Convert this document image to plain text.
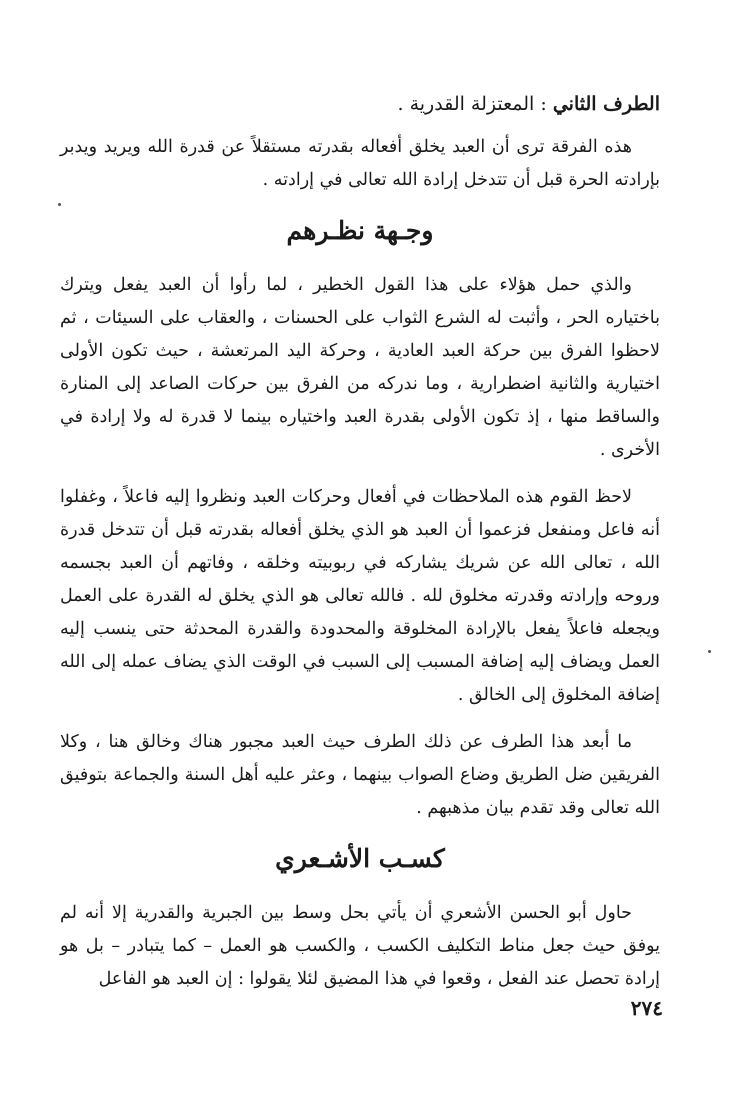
الطرف الثاني : المعتزلة القدرية .

هذه الفرقة ترى أن العبد يخلق أفعاله بقدرته مستقلاً عن قدرة الله ويريد ويدبر بإرادته الحرة قبل أن تتدخل إرادة الله تعالى في إرادته .

وجـهة نظـرهم

والذي حمل هؤلاء على هذا القول الخطير ، لما رأوا أن العبد يفعل ويترك باختياره الحر ، وأثبت له الشرع الثواب على الحسنات ، والعقاب على السيئات ، ثم لاحظوا الفرق بين حركة العبد العادية ، وحركة اليد المرتعشة ، حيث تكون الأولى اختيارية والثانية اضطرارية ، وما ندركه من الفرق بين حركات الصاعد إلى المنارة والساقط منها ، إذ تكون الأولى بقدرة العبد واختياره بينما لا قدرة له ولا إرادة في الأخرى .

لاحظ القوم هذه الملاحظات في أفعال وحركات العبد ونظروا إليه فاعلاً ، وغفلوا أنه فاعل ومنفعل فزعموا أن العبد هو الذي يخلق أفعاله بقدرته قبل أن تتدخل قدرة الله ، تعالى الله عن شريك يشاركه في ربوبيته وخلقه ، وفاتهم أن العبد بجسمه وروحه وإرادته وقدرته مخلوق لله . فالله تعالى هو الذي يخلق له القدرة على العمل ويجعله فاعلاً يفعل بالإرادة المخلوقة والمحدودة والقدرة المحدثة حتى ينسب إليه العمل ويضاف إليه إضافة المسبب إلى السبب في الوقت الذي يضاف عمله إلى الله إضافة المخلوق إلى الخالق .

ما أبعد هذا الطرف عن ذلك الطرف حيث العبد مجبور هناك وخالق هنا ، وكلا الفريقين ضل الطريق وضاع الصواب بينهما ، وعثر عليه أهل السنة والجماعة بتوفيق الله تعالى وقد تقدم بيان مذهبهم .

كسـب الأشـعري

حاول أبو الحسن الأشعري أن يأتي بحل وسط بين الجبرية والقدرية إلا أنه لم يوفق حيث جعل مناط التكليف الكسب ، والكسب هو العمل – كما يتبادر – بل هو إرادة تحصل عند الفعل ، وقعوا في هذا المضيق لئلا يقولوا : إن العبد هو الفاعل

٢٧٤
